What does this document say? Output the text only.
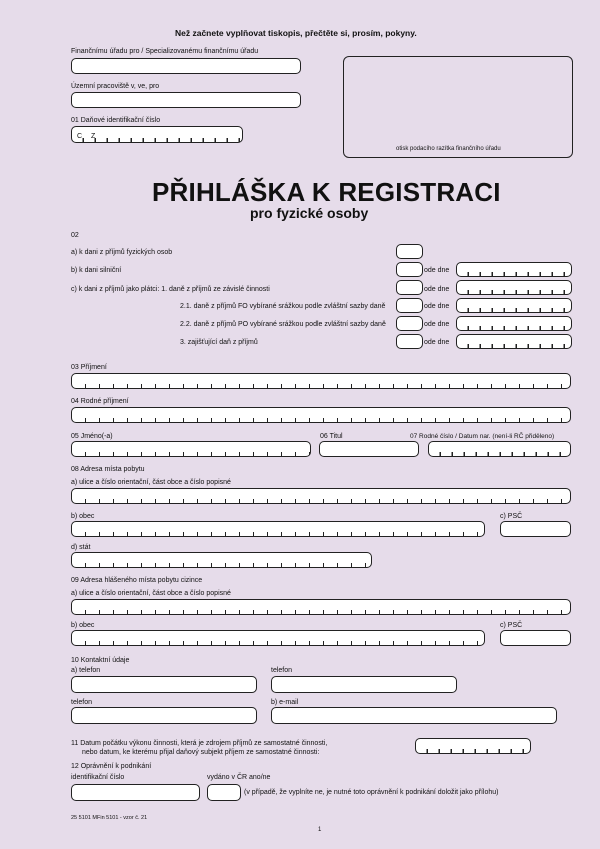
Než začnete vyplňovat tiskopis, přečtěte si, prosím, pokyny.
Finančnímu úřadu pro / Specializovanému finančnímu úřadu
Územní pracoviště v, ve, pro
01 Daňové identifikační číslo
C Z
otisk podacího razítka finančního úřadu
PŘIHLÁŠKA K REGISTRACI
pro fyzické osoby
02
a) k dani z příjmů fyzických osob
b) k dani silniční	ode dne
c) k dani z příjmů jako plátci: 1. daně z příjmů ze závislé činnosti	ode dne
2.1. daně z příjmů FO vybírané srážkou podle zvláštní sazby daně	ode dne
2.2. daně z příjmů PO vybírané srážkou podle zvláštní sazby daně	ode dne
3. zajišťující daň z příjmů	ode dne
03 Příjmení
04 Rodné příjmení
05 Jméno(-a)	06 Titul	07 Rodné číslo / Datum nar. (není-li RČ přiděleno)
08 Adresa místa pobytu
a) ulice a číslo orientační, část obce a číslo popisné
b) obec	c) PSČ
d) stát
09 Adresa hlášeného místa pobytu cizince
a) ulice a číslo orientační, část obce a číslo popisné
b) obec	c) PSČ
10 Kontaktní údaje
a) telefon	telefon
telefon	b) e-mail
11 Datum počátku výkonu činnosti, která je zdrojem příjmů ze samostatné činnosti,
nebo datum, ke kterému přijal daňový subjekt příjem ze samostatné činnosti:
12 Oprávnění k podnikání
identifikační číslo	vydáno v ČR ano/ne
(v případě, že vyplníte ne, je nutné toto oprávnění k podnikání doložit jako přílohu)
25 5101 MFin 5101 - vzor č. 21
1
